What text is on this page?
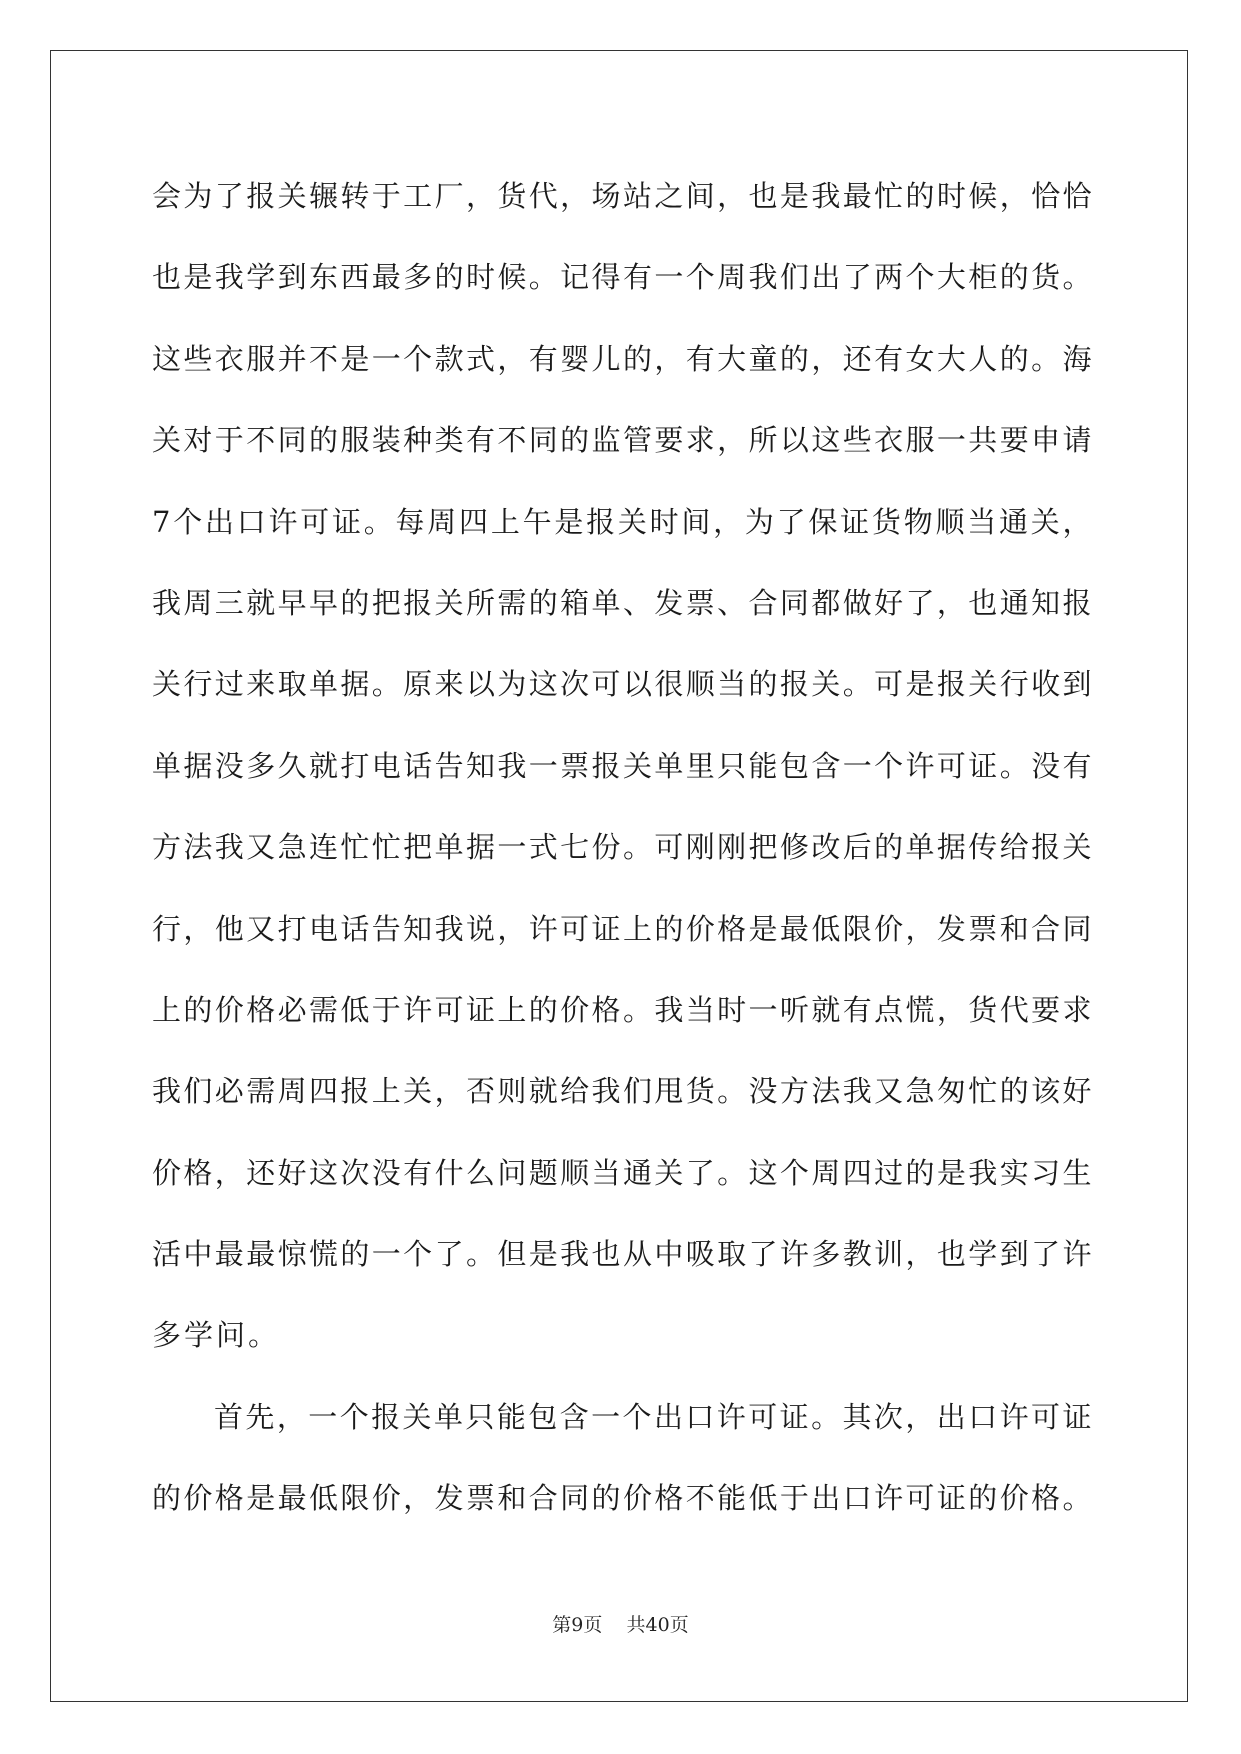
会为了报关辗转于工厂，货代，场站之间，也是我最忙的时候，恰恰
也是我学到东西最多的时候。记得有一个周我们出了两个大柜的货。
这些衣服并不是一个款式，有婴儿的，有大童的，还有女大人的。海
关对于不同的服装种类有不同的监管要求，所以这些衣服一共要申请
7个出口许可证。每周四上午是报关时间，为了保证货物顺当通关，
我周三就早早的把报关所需的箱单、发票、合同都做好了，也通知报
关行过来取单据。原来以为这次可以很顺当的报关。可是报关行收到
单据没多久就打电话告知我一票报关单里只能包含一个许可证。没有
方法我又急连忙忙把单据一式七份。可刚刚把修改后的单据传给报关
行，他又打电话告知我说，许可证上的价格是最低限价，发票和合同
上的价格必需低于许可证上的价格。我当时一听就有点慌，货代要求
我们必需周四报上关，否则就给我们甩货。没方法我又急匆忙的该好
价格，还好这次没有什么问题顺当通关了。这个周四过的是我实习生
活中最最惊慌的一个了。但是我也从中吸取了许多教训，也学到了许
多学问。
首先，一个报关单只能包含一个出口许可证。其次，出口许可证
的价格是最低限价，发票和合同的价格不能低于出口许可证的价格。
第9页 共40页
